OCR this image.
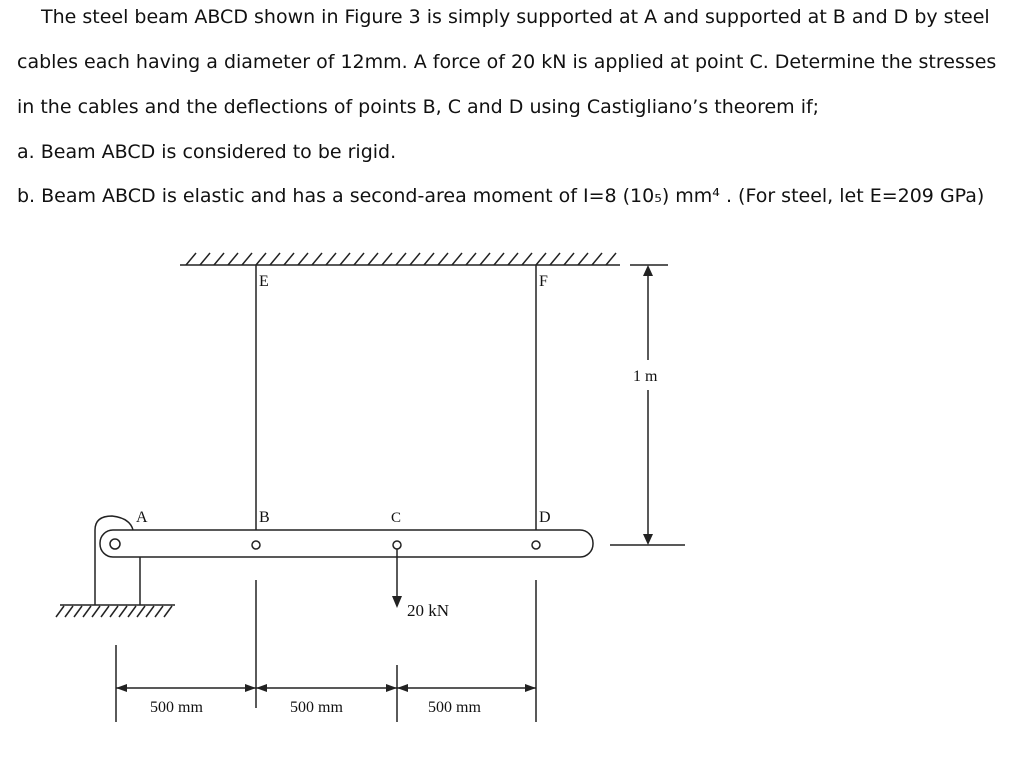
The steel beam ABCD shown in Figure 3 is simply supported at A and supported at B and D by steel
cables each having a diameter of 12mm. A force of 20 kN is applied at point C. Determine the stresses
in the cables and the deflections of points B, C and D using Castigliano’s theorem if;
a. Beam ABCD is considered to be rigid.
b. Beam ABCD is elastic and has a second-area moment of I=8 (10₅) mm⁴ . (For steel, let E=209 GPa)
20 kN
A	B	C	D
E	F
1 m
500 mm	500 mm	500 mm
